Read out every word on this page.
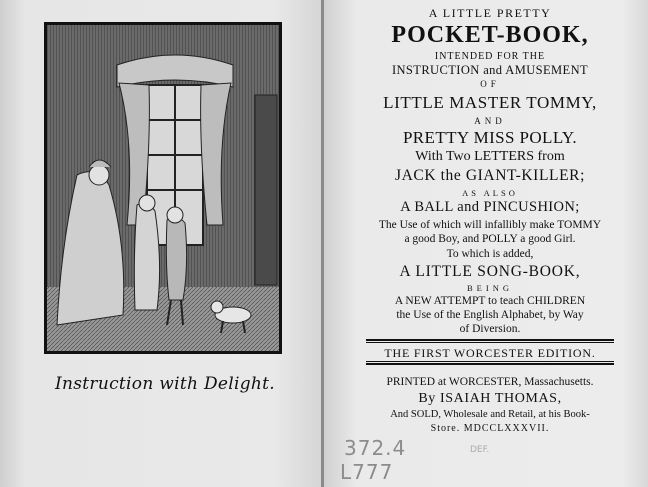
Instruction with Delight.
A LITTLE PRETTY
POCKET-BOOK,
INTENDED FOR THE
INSTRUCTION and AMUSEMENT
OF
LITTLE MASTER TOMMY,
AND
PRETTY MISS POLLY.
With Two LETTERS from
JACK the GIANT-KILLER;
AS ALSO
A BALL and PINCUSHION;
The Use of which will infallibly make TOMMY
a good Boy, and POLLY a good Girl.
To which is added,
A LITTLE SONG-BOOK,
BEING
A NEW ATTEMPT to teach CHILDREN
the Use of the English Alphabet, by Way
of Diversion.
THE FIRST WORCESTER EDITION.
PRINTED at WORCESTER, Massachusetts.
By ISAIAH THOMAS,
And SOLD, Wholesale and Retail, at his Book-
Store. MDCCLXXXVII.
372.4
L777
DEF.
